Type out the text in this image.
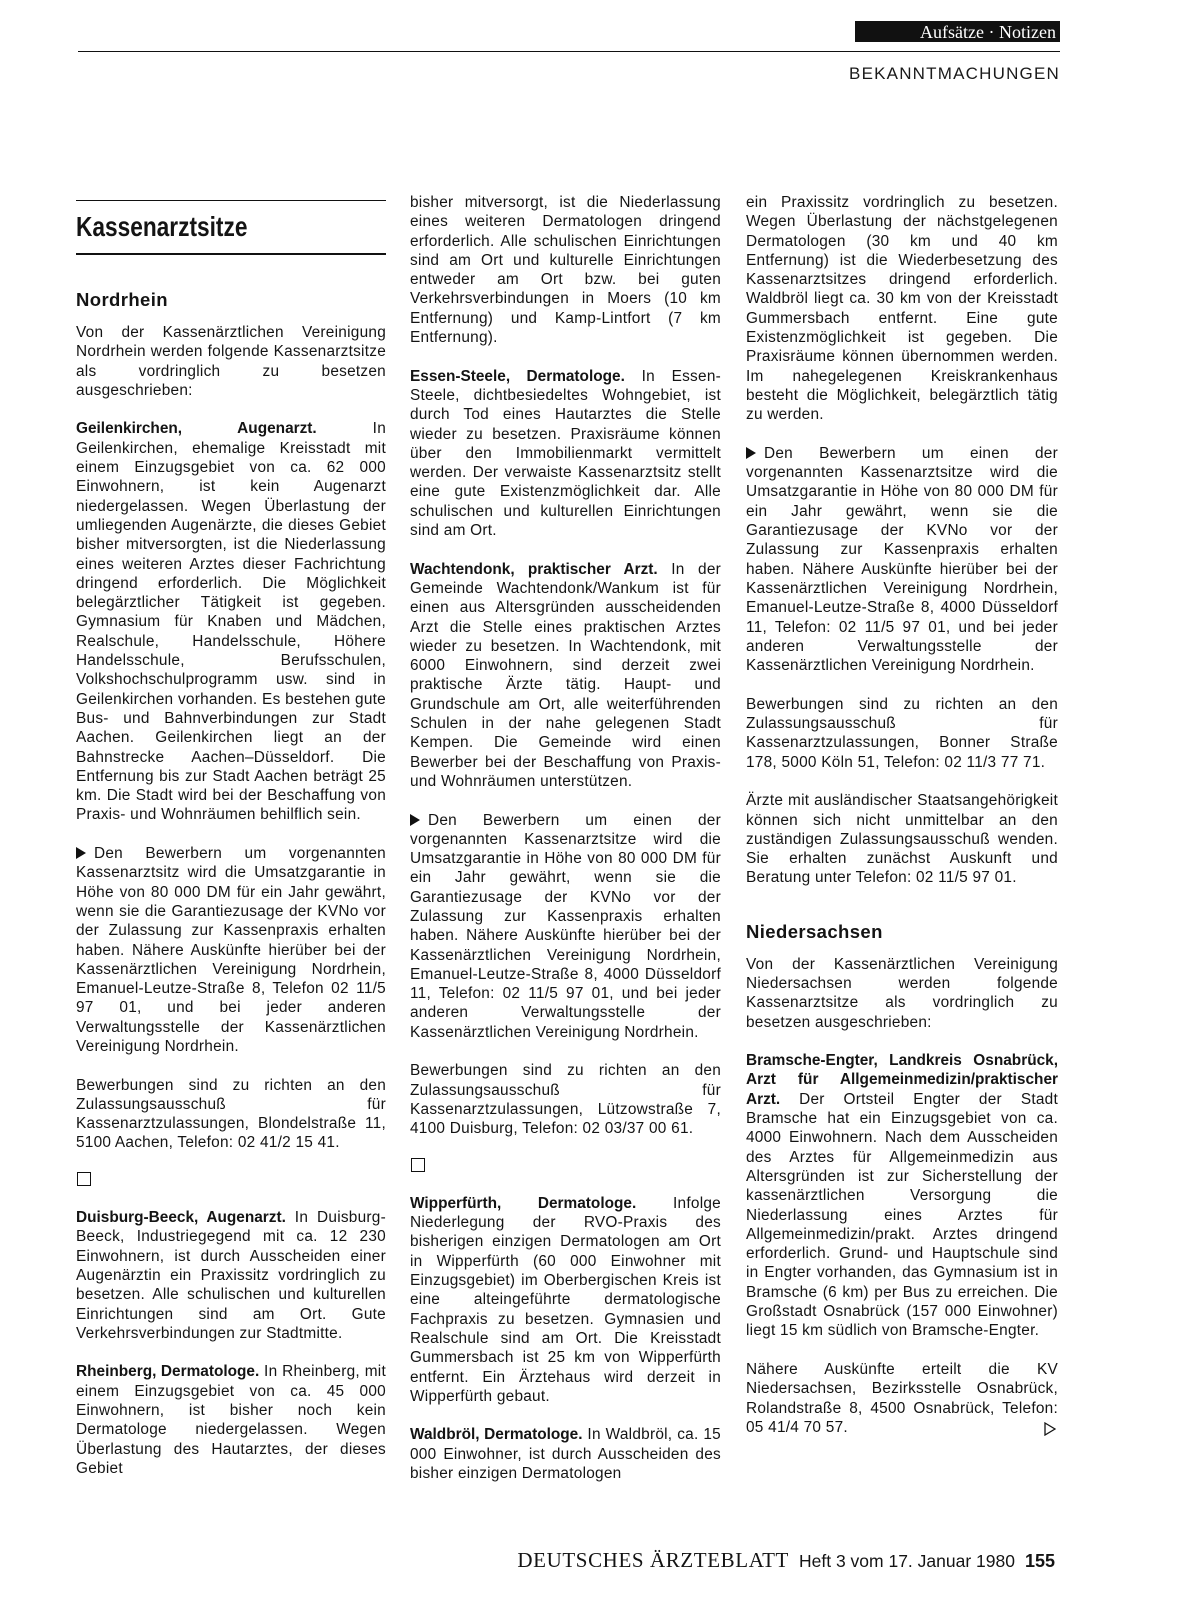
Aufsätze · Notizen
BEKANNTMACHUNGEN
Kassenarztsitze
Nordrhein

Von der Kassenärztlichen Vereinigung Nordrhein werden folgende Kassenarztsitze als vordringlich zu besetzen ausgeschrieben:

Geilenkirchen, Augenarzt.	In Geilenkirchen, ehemalige Kreisstadt mit einem Einzugsgebiet von ca. 62 000 Einwohnern, ist kein Augenarzt niedergelassen. Wegen Überlastung der umliegenden Augenärzte, die dieses Gebiet bisher mitversorgten, ist die Niederlassung eines weiteren Arztes dieser Fachrichtung dringend erforderlich. Die Möglichkeit belegärztlicher Tätigkeit ist gegeben. Gymnasium für Knaben und Mädchen, Realschule, Handelsschule, Höhere Handelsschule, Berufsschulen, Volkshochschulprogramm usw. sind in Geilenkirchen vorhanden. Es bestehen gute Bus- und Bahnverbindungen zur Stadt Aachen. Geilenkirchen liegt an der Bahnstrecke Aachen–Düsseldorf. Die Entfernung bis zur Stadt Aachen beträgt 25 km. Die Stadt wird bei der Beschaffung von Praxis- und Wohnräumen behilflich sein.

Den Bewerbern um vorgenannten Kassenarztsitz wird die Umsatzgarantie in Höhe von 80 000 DM für ein Jahr gewährt, wenn sie die Garantiezusage der KVNo vor der Zulassung zur Kassenpraxis erhalten haben. Nähere Auskünfte hierüber bei der Kassenärztlichen Vereinigung Nordrhein, Emanuel-Leutze-Straße 8, Telefon 02 11/5 97 01, und bei jeder anderen Verwaltungsstelle der Kassenärztlichen Vereinigung Nordrhein.

Bewerbungen sind zu richten an den Zulassungsausschuß für Kassenarztzulassungen, Blondelstraße 11, 5100 Aachen, Telefon: 02 41/2 15 41.

Duisburg-Beeck, Augenarzt. In Duisburg-Beeck, Industriegegend mit ca. 12 230 Einwohnern, ist durch Ausscheiden einer Augenärztin ein Praxissitz vordringlich zu besetzen. Alle schulischen und kulturellen Einrichtungen sind am Ort. Gute Verkehrsverbindungen zur Stadtmitte.

Rheinberg, Dermatologe. In Rheinberg, mit einem Einzugsgebiet von ca. 45 000 Einwohnern, ist bisher noch kein Dermatologe niedergelassen. Wegen Überlastung des Hautarztes, der dieses Gebiet

bisher mitversorgt, ist die Niederlassung eines weiteren Dermatologen dringend erforderlich. Alle schulischen Einrichtungen sind am Ort und kulturelle Einrichtungen entweder am Ort bzw. bei guten Verkehrsverbindungen in Moers (10 km Entfernung) und Kamp-Lintfort (7 km Entfernung).

Essen-Steele, Dermatologe. In Essen-Steele, dichtbesiedeltes Wohngebiet, ist durch Tod eines Hautarztes die Stelle wieder zu besetzen. Praxisräume können über den Immobilienmarkt vermittelt werden. Der verwaiste Kassenarztsitz stellt eine gute Existenzmöglichkeit dar. Alle schulischen und kulturellen Einrichtungen sind am Ort.

Wachtendonk, praktischer Arzt. In der Gemeinde Wachtendonk/Wankum ist für einen aus Altersgründen ausscheidenden Arzt die Stelle eines praktischen Arztes wieder zu besetzen. In Wachtendonk, mit 6000 Einwohnern, sind derzeit zwei praktische Ärzte tätig. Haupt- und Grundschule am Ort, alle weiterführenden Schulen in der nahe gelegenen Stadt Kempen. Die Gemeinde wird einen Bewerber bei der Beschaffung von Praxis- und Wohnräumen unterstützen.

Den Bewerbern um einen der vorgenannten Kassenarztsitze wird die Umsatzgarantie in Höhe von 80 000 DM für ein Jahr gewährt, wenn sie die Garantiezusage der KVNo vor der Zulassung zur Kassenpraxis erhalten haben. Nähere Auskünfte hierüber bei der Kassenärztlichen Vereinigung Nordrhein, Emanuel-Leutze-Straße 8, 4000 Düsseldorf 11, Telefon: 02 11/5 97 01, und bei jeder anderen Verwaltungsstelle der Kassenärztlichen Vereinigung Nordrhein.

Bewerbungen sind zu richten an den Zulassungsausschuß für Kassenarztzulassungen, Lützowstraße 7, 4100 Duisburg, Telefon: 02 03/37 00 61.

Wipperfürth, Dermatologe. Infolge Niederlegung der RVO-Praxis des bisherigen einzigen Dermatologen am Ort in Wipperfürth (60 000 Einwohner mit Einzugsgebiet) im Oberbergischen Kreis ist eine alteingeführte dermatologische Fachpraxis zu besetzen. Gymnasien und Realschule sind am Ort. Die Kreisstadt Gummersbach ist 25 km von Wipperfürth entfernt. Ein Ärztehaus wird derzeit in Wipperfürth gebaut.

Waldbröl, Dermatologe. In Waldbröl, ca. 15 000 Einwohner, ist durch Ausscheiden des bisher einzigen Dermatologen

ein Praxissitz vordringlich zu besetzen. Wegen Überlastung der nächstgelegenen Dermatologen (30 km und 40 km Entfernung) ist die Wiederbesetzung des Kassenarztsitzes dringend erforderlich. Waldbröl liegt ca. 30 km von der Kreisstadt Gummersbach entfernt. Eine gute Existenzmöglichkeit ist gegeben. Die Praxisräume können übernommen werden. Im nahegelegenen Kreiskrankenhaus besteht die Möglichkeit, belegärztlich tätig zu werden.

Den Bewerbern um einen der vorgenannten Kassenarztsitze wird die Umsatzgarantie in Höhe von 80 000 DM für ein Jahr gewährt, wenn sie die Garantiezusage der KVNo vor der Zulassung zur Kassenpraxis erhalten haben. Nähere Auskünfte hierüber bei der Kassenärztlichen Vereinigung Nordrhein, Emanuel-Leutze-Straße 8, 4000 Düsseldorf 11, Telefon: 02 11/5 97 01, und bei jeder anderen Verwaltungsstelle der Kassenärztlichen Vereinigung Nordrhein.

Bewerbungen sind zu richten an den Zulassungsausschuß für Kassenarztzulassungen, Bonner Straße 178, 5000 Köln 51, Telefon: 02 11/3 77 71.

Ärzte mit ausländischer Staatsangehörigkeit können sich nicht unmittelbar an den zuständigen Zulassungsausschuß wenden. Sie erhalten zunächst Auskunft und Beratung unter Telefon: 02 11/5 97 01.

Niedersachsen

Von der Kassenärztlichen Vereinigung Niedersachsen werden folgende Kassenarztsitze als vordringlich zu besetzen ausgeschrieben:

Bramsche-Engter, Landkreis Osnabrück, Arzt für Allgemeinmedizin/praktischer Arzt. Der Ortsteil Engter der Stadt Bramsche hat ein Einzugsgebiet von ca. 4000 Einwohnern. Nach dem Ausscheiden des Arztes für Allgemeinmedizin aus Altersgründen ist zur Sicherstellung der kassenärztlichen Versorgung die Niederlassung eines Arztes für Allgemeinmedizin/prakt. Arztes dringend erforderlich. Grund- und Hauptschule sind in Engter vorhanden, das Gymnasium ist in Bramsche (6 km) per Bus zu erreichen. Die Großstadt Osnabrück (157 000 Einwohner) liegt 15 km südlich von Bramsche-Engter.

Nähere Auskünfte erteilt die KV Niedersachsen, Bezirksstelle Osnabrück, Rolandstraße 8, 4500 Osnabrück, Telefon: 05 41/4 70 57.

DEUTSCHES ÄRZTEBLATT Heft 3 vom 17. Januar 1980 155
